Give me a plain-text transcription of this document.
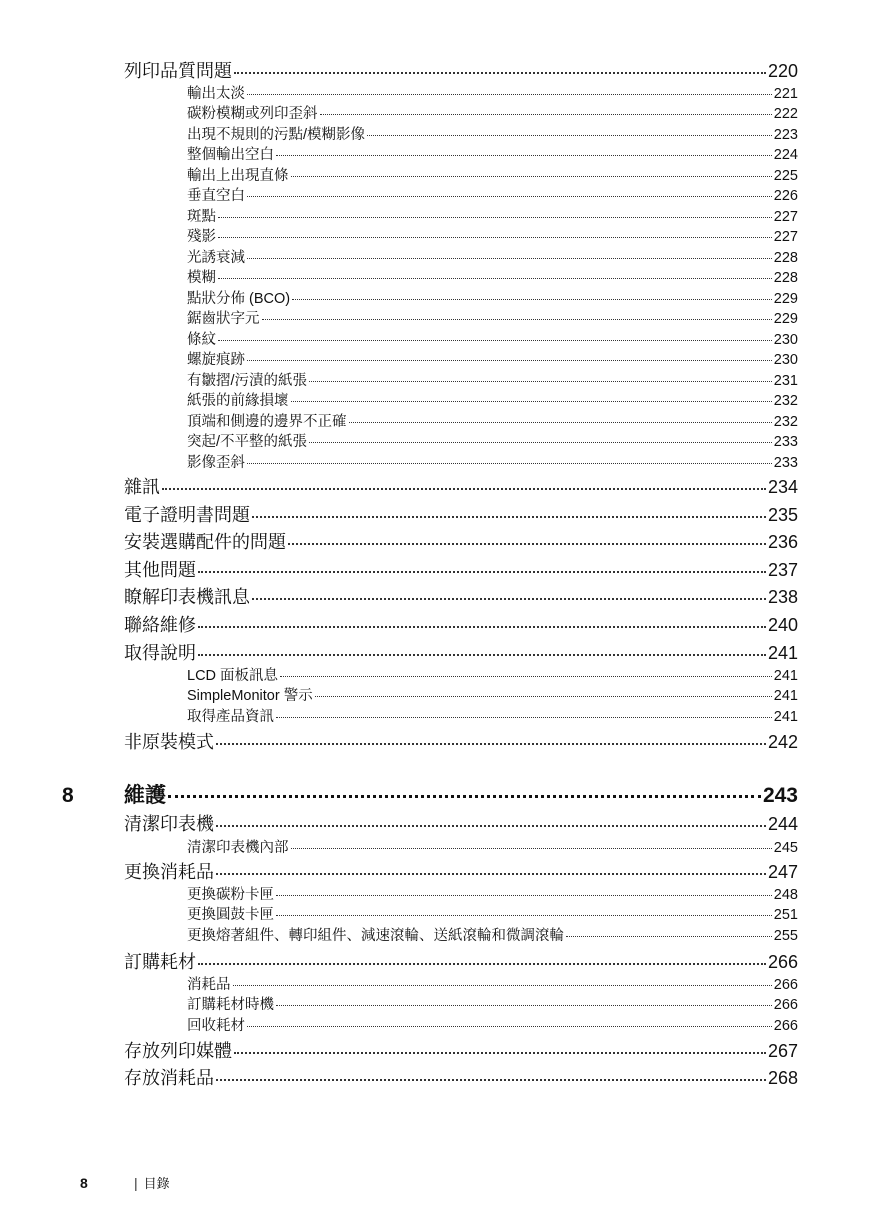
列印品質問題	220
輸出太淡	221
碳粉模糊或列印歪斜	222
出現不規則的污點/模糊影像	223
整個輸出空白	224
輸出上出現直條	225
垂直空白	226
斑點	227
殘影	227
光誘衰減	228
模糊	228
點狀分佈 (BCO)	229
鋸齒狀字元	229
條紋	230
螺旋痕跡	230
有皺摺/污漬的紙張	231
紙張的前緣損壞	232
頂端和側邊的邊界不正確	232
突起/不平整的紙張	233
影像歪斜	233
雜訊	234
電子證明書問題	235
安裝選購配件的問題	236
其他問題	237
瞭解印表機訊息	238
聯絡維修	240
取得說明	241
LCD 面板訊息	241
SimpleMonitor 警示	241
取得產品資訊	241
非原裝模式	242
8 維護	243
清潔印表機	244
清潔印表機內部	245
更換消耗品	247
更換碳粉卡匣	248
更換圓鼓卡匣	251
更換熔著組件、轉印組件、減速滾輪、送紙滾輪和微調滾輪	255
訂購耗材	266
消耗品	266
訂購耗材時機	266
回收耗材	266
存放列印媒體	267
存放消耗品	268
8	| 目錄
